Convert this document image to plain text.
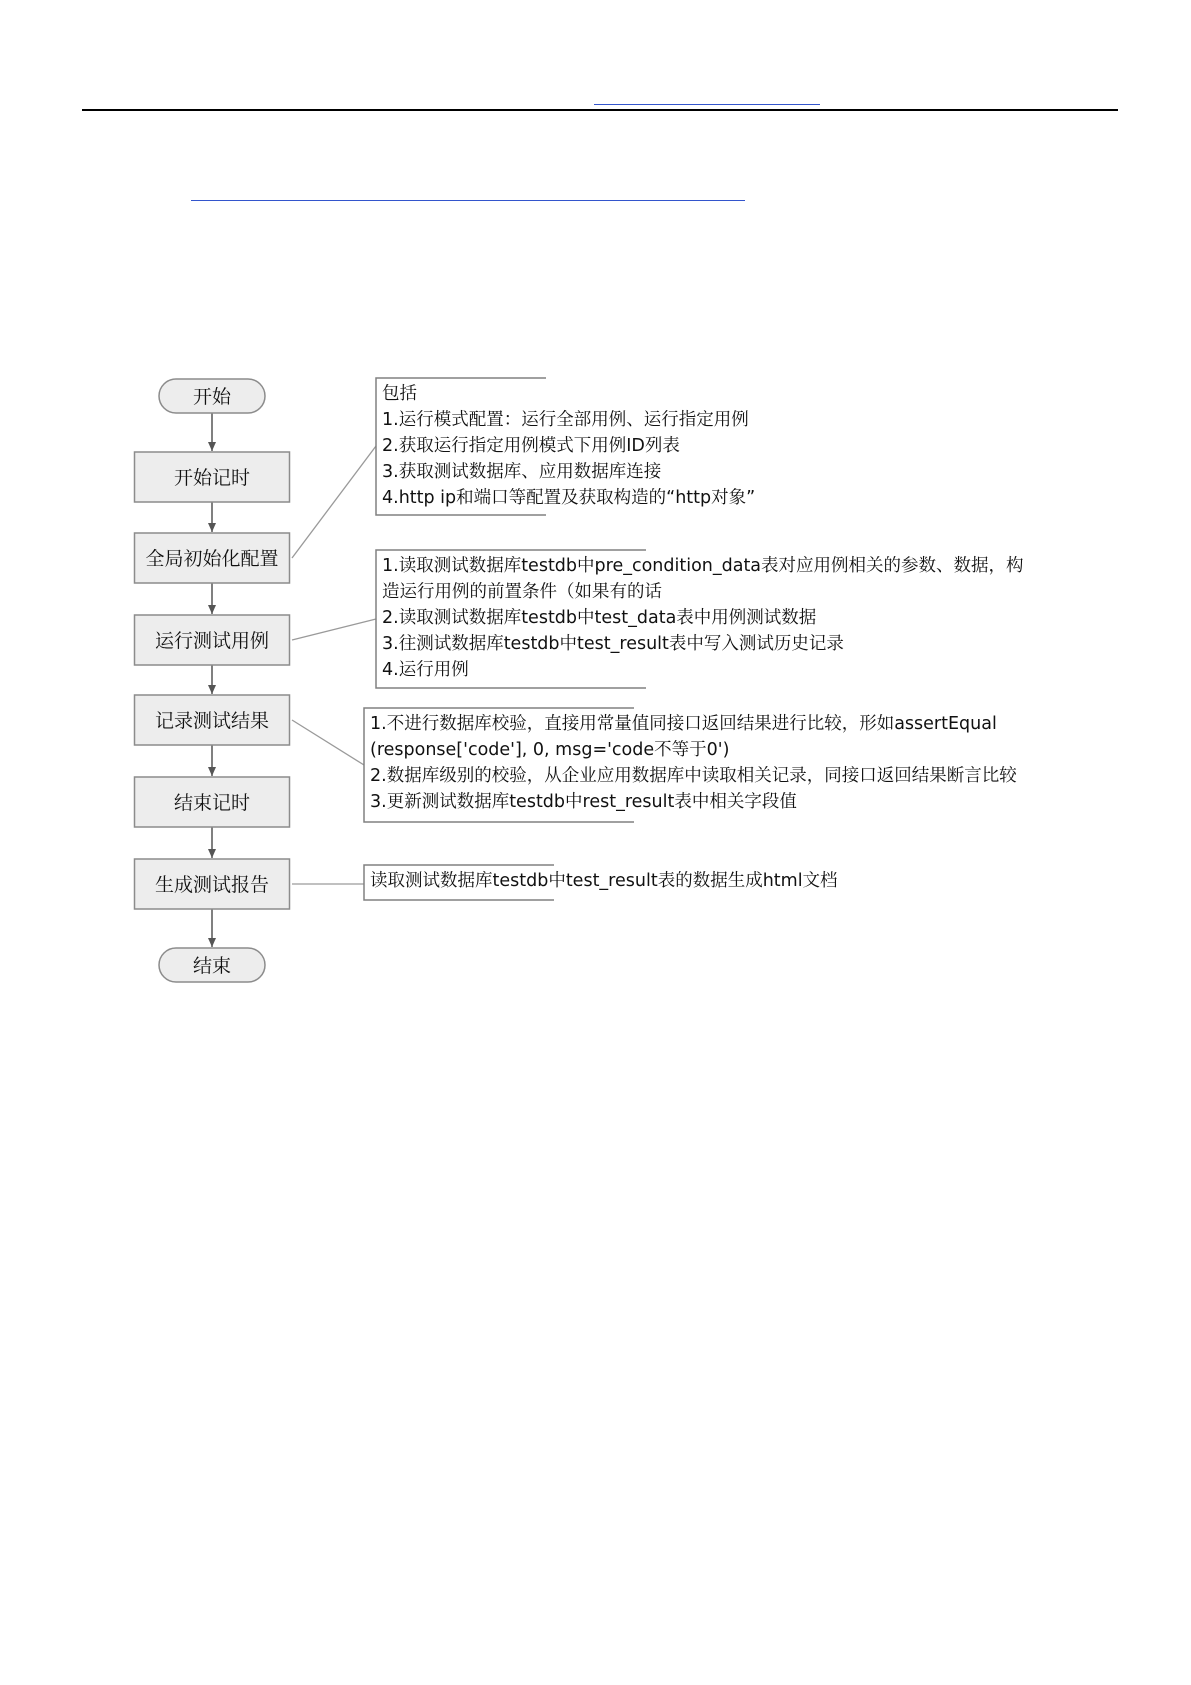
开始
开始记时
全局初始化配置
运行测试用例
记录测试结果
结束记时
生成测试报告
结束
包括
1.运行模式配置：运行全部用例、运行指定用例
2.获取运行指定用例模式下用例ID列表
3.获取测试数据库、应用数据库连接
4.http ip和端口等配置及获取构造的“http对象”
1.读取测试数据库testdb中pre_condition_data表对应用例相关的参数、数据，构
造运行用例的前置条件（如果有的话
2.读取测试数据库testdb中test_data表中用例测试数据
3.往测试数据库testdb中test_result表中写入测试历史记录
4.运行用例
1.不进行数据库校验，直接用常量值同接口返回结果进行比较，形如assertEqual
(response['code'], 0, msg='code不等于0')
2.数据库级别的校验，从企业应用数据库中读取相关记录，同接口返回结果断言比较
3.更新测试数据库testdb中rest_result表中相关字段值
读取测试数据库testdb中test_result表的数据生成html文档
